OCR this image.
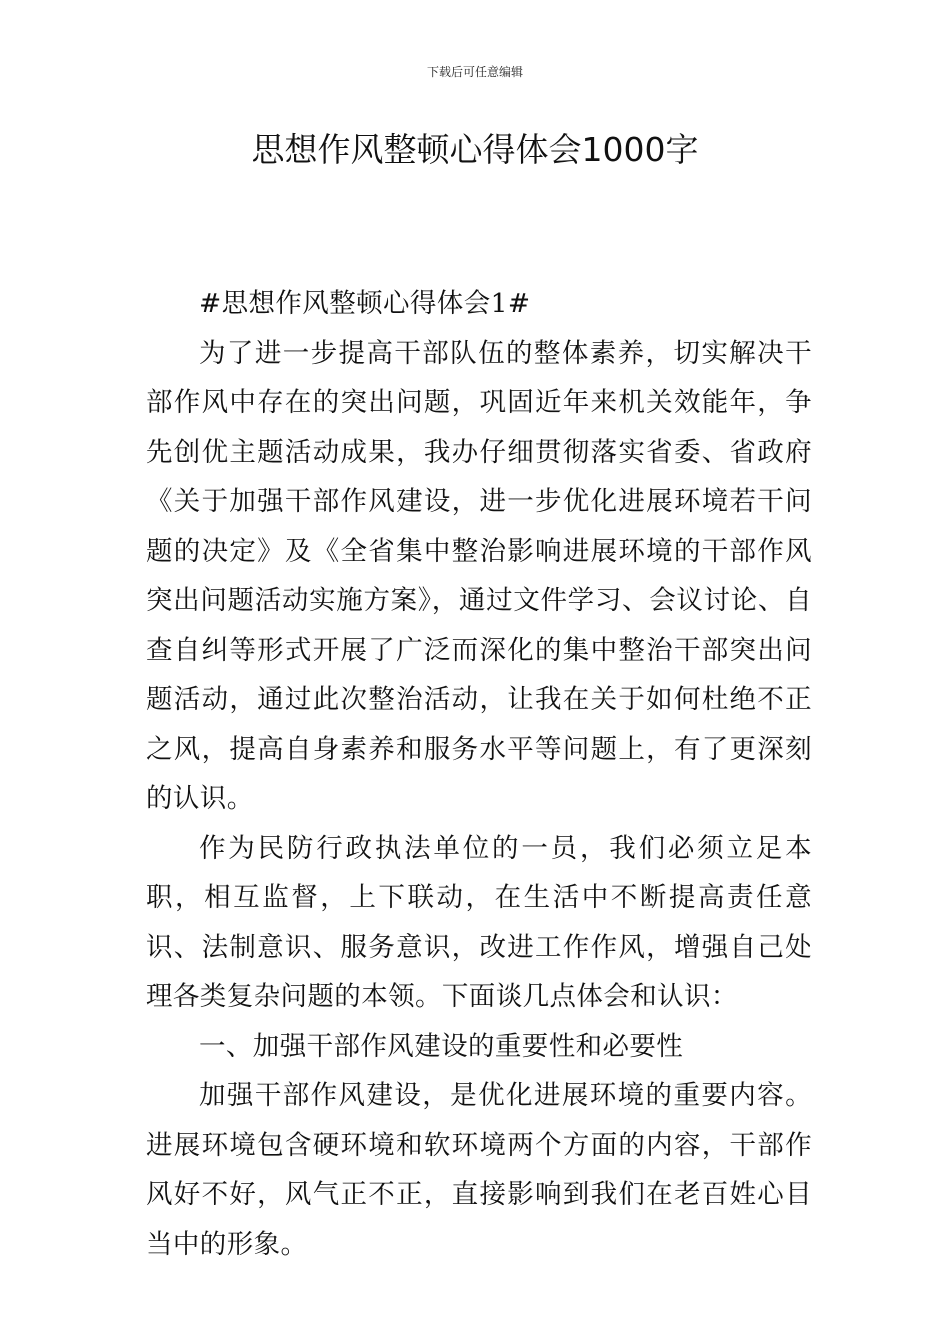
下载后可任意编辑
思想作风整顿心得体会1000字

#思想作风整顿心得体会1#

为了进一步提高干部队伍的整体素养，切实解决干部作风中存在的突出问题，巩固近年来机关效能年，争先创优主题活动成果，我办仔细贯彻落实省委、省政府《关于加强干部作风建设，进一步优化进展环境若干问题的决定》及《全省集中整治影响进展环境的干部作风突出问题活动实施方案》，通过文件学习、会议讨论、自查自纠等形式开展了广泛而深化的集中整治干部突出问题活动，通过此次整治活动，让我在关于如何杜绝不正之风，提高自身素养和服务水平等问题上，有了更深刻的认识。

作为民防行政执法单位的一员，我们必须立足本职，相互监督，上下联动，在生活中不断提高责任意识、法制意识、服务意识，改进工作作风，增强自己处理各类复杂问题的本领。下面谈几点体会和认识：

一、加强干部作风建设的重要性和必要性

加强干部作风建设，是优化进展环境的重要内容。进展环境包含硬环境和软环境两个方面的内容，干部作风好不好，风气正不正，直接影响到我们在老百姓心目当中的形象。
